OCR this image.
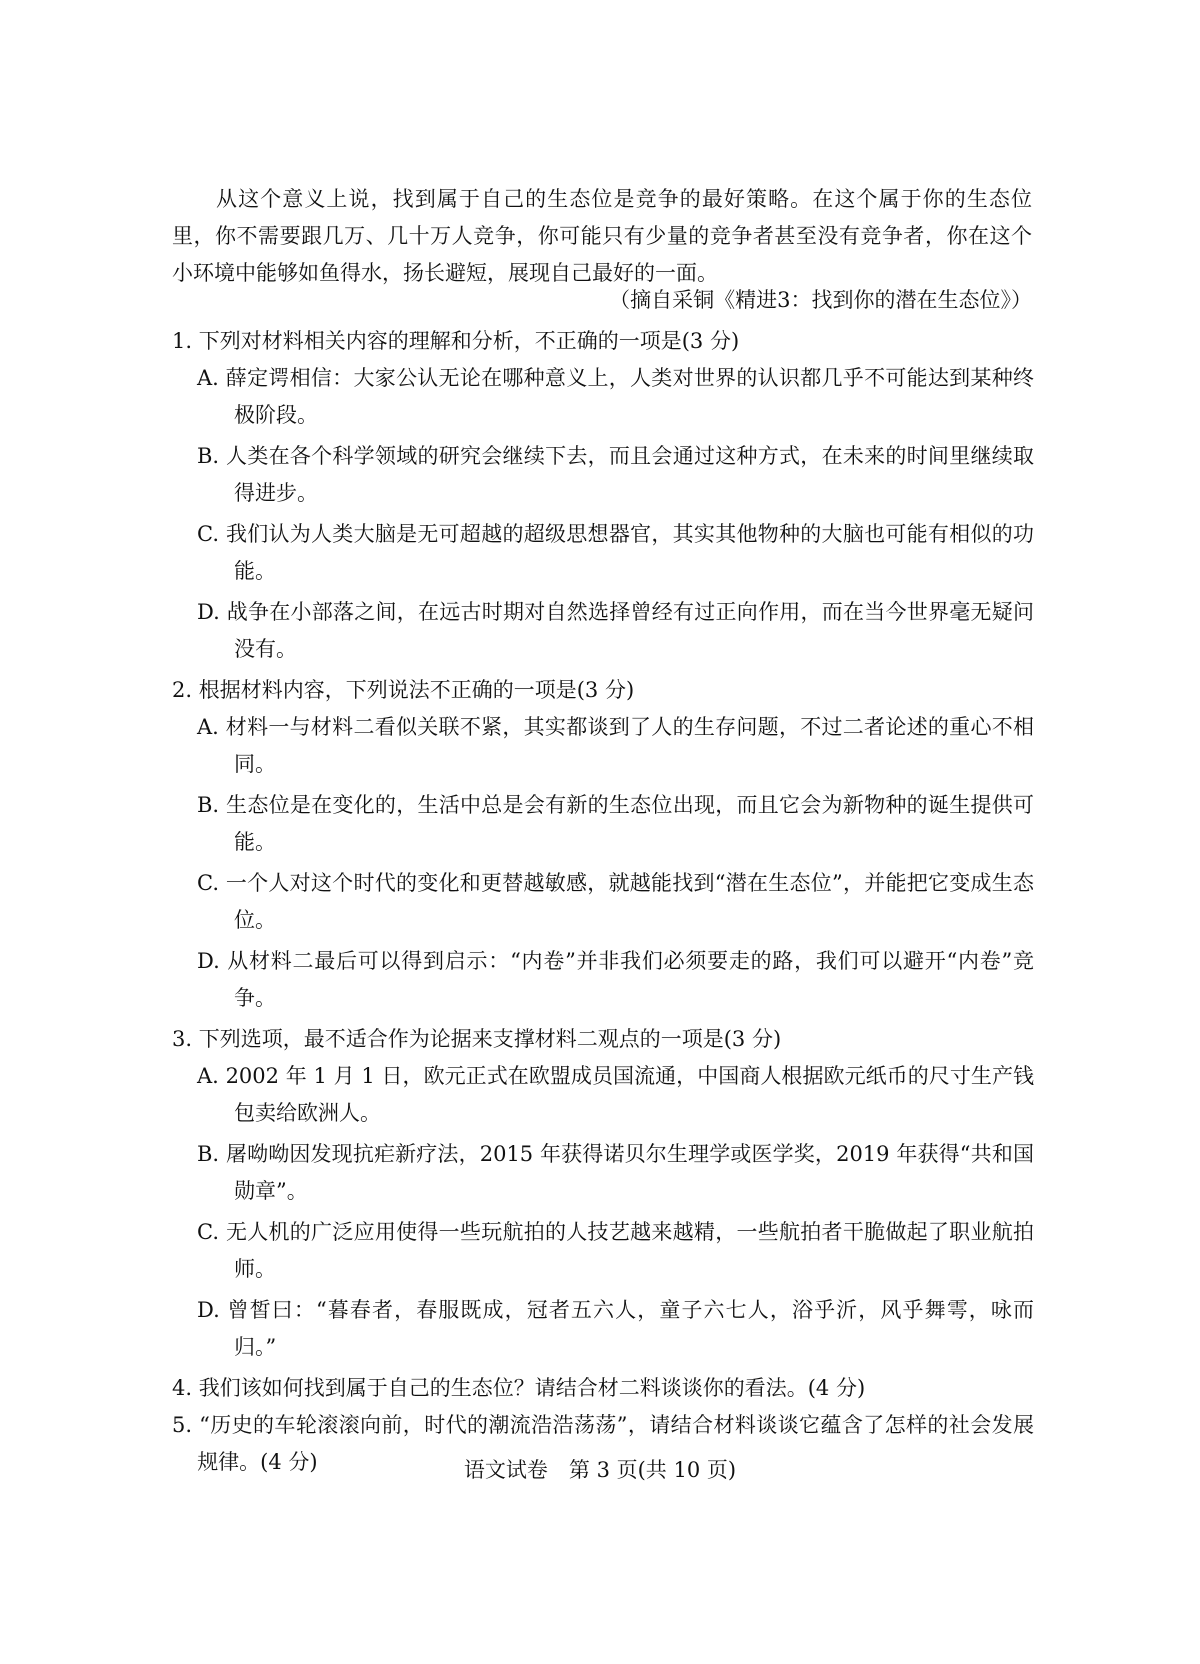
从这个意义上说，找到属于自己的生态位是竞争的最好策略。在这个属于你的生态位里，你不需要跟几万、几十万人竞争，你可能只有少量的竞争者甚至没有竞争者，你在这个小环境中能够如鱼得水，扬长避短，展现自己最好的一面。

（摘自采铜《精进3：找到你的潜在生态位》）
1. 下列对材料相关内容的理解和分析，不正确的一项是(3 分)
A. 薛定谔相信：大家公认无论在哪种意义上，人类对世界的认识都几乎不可能达到某种终极阶段。
B. 人类在各个科学领域的研究会继续下去，而且会通过这种方式，在未来的时间里继续取得进步。
C. 我们认为人类大脑是无可超越的超级思想器官，其实其他物种的大脑也可能有相似的功能。
D. 战争在小部落之间，在远古时期对自然选择曾经有过正向作用，而在当今世界毫无疑问没有。
2. 根据材料内容，下列说法不正确的一项是(3 分)
A. 材料一与材料二看似关联不紧，其实都谈到了人的生存问题，不过二者论述的重心不相同。
B. 生态位是在变化的，生活中总是会有新的生态位出现，而且它会为新物种的诞生提供可能。
C. 一个人对这个时代的变化和更替越敏感，就越能找到“潜在生态位”，并能把它变成生态位。
D. 从材料二最后可以得到启示：“内卷”并非我们必须要走的路，我们可以避开“内卷”竞争。
3. 下列选项，最不适合作为论据来支撑材料二观点的一项是(3 分)
A. 2002 年 1 月 1 日，欧元正式在欧盟成员国流通，中国商人根据欧元纸币的尺寸生产钱包卖给欧洲人。
B. 屠呦呦因发现抗疟新疗法，2015 年获得诺贝尔生理学或医学奖，2019 年获得“共和国勋章”。
C. 无人机的广泛应用使得一些玩航拍的人技艺越来越精，一些航拍者干脆做起了职业航拍师。
D. 曾皙曰：“暮春者，春服既成，冠者五六人，童子六七人，浴乎沂，风乎舞雩，咏而归。”
4. 我们该如何找到属于自己的生态位？请结合材二料谈谈你的看法。(4 分)
5. “历史的车轮滚滚向前，时代的潮流浩浩荡荡”，请结合材料谈谈它蕴含了怎样的社会发展规律。(4 分)	语文试卷　第 3 页(共 10 页)
